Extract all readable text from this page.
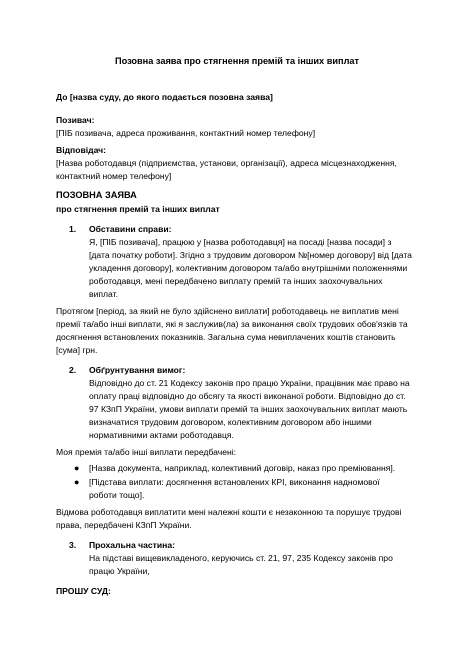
Позовна заява про стягнення премій та інших виплат
До [назва суду, до якого подається позовна заява]
Позивач:
[ПІБ позивача, адреса проживання, контактний номер телефону]
Відповідач:
[Назва роботодавця (підприємства, установи, організації), адреса місцезнаходження,
контактний номер телефону]
ПОЗОВНА ЗАЯВА
про стягнення премій та інших виплат
1. Обставини справи:
Я, [ПІБ позивача], працюю у [назва роботодавця] на посаді [назва посади] з
[дата початку роботи]. Згідно з трудовим договором №[номер договору] від [дата
укладення договору], колективним договором та/або внутрішніми положеннями
роботодавця, мені передбачено виплату премій та інших заохочувальних
виплат.
Протягом [період, за який не було здійснено виплати] роботодавець не виплатив мені
премії та/або інші виплати, які я заслужив(ла) за виконання своїх трудових обов'язків та
досягнення встановлених показників. Загальна сума невиплачених коштів становить
[сума] грн.
2. Обґрунтування вимог:
Відповідно до ст. 21 Кодексу законів про працю України, працівник має право на
оплату праці відповідно до обсягу та якості виконаної роботи. Відповідно до ст.
97 КЗпП України, умови виплати премій та інших заохочувальних виплат мають
визначатися трудовим договором, колективним договором або іншими
нормативними актами роботодавця.
Моя премія та/або інші виплати передбачені:
● [Назва документа, наприклад, колективний договір, наказ про преміювання].
● [Підстава виплати: досягнення встановлених КРІ, виконання надномової
роботи тощо].
Відмова роботодавця виплатити мені належні кошти є незаконною та порушує трудові
права, передбачені КЗпП України.
3. Прохальна частина:
На підставі вищевикладеного, керуючись ст. 21, 97, 235 Кодексу законів про
працю України,
ПРОШУ СУД:
